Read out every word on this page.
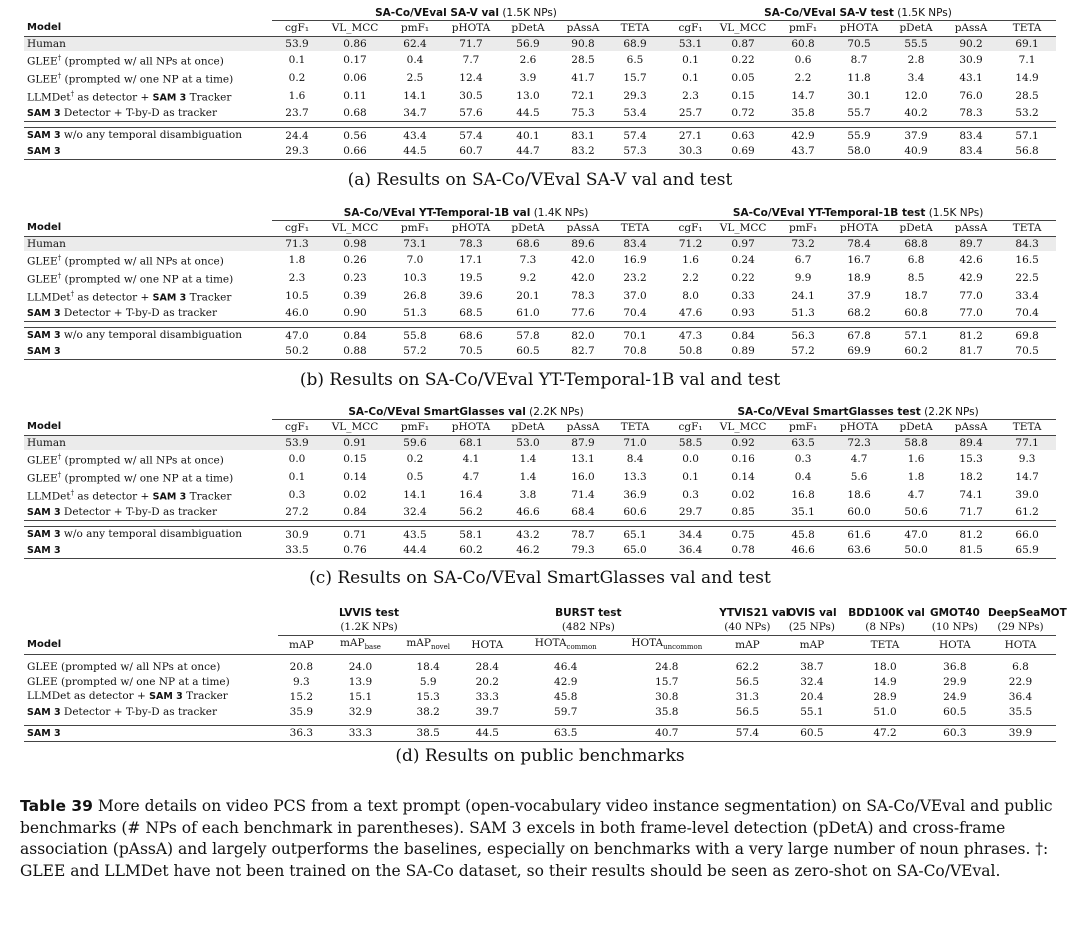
	SA-Co/VEval SA-V val (1.5K NPs)							SA-Co/VEval SA-V test (1.5K NPs)						
Model	cgF₁	VL_MCC	pmF₁	pHOTA	pDetA	pAssA	TETA	cgF₁	VL_MCC	pmF₁	pHOTA	pDetA	pAssA	TETA
Human	53.9	0.86	62.4	71.7	56.9	90.8	68.9	53.1	0.87	60.8	70.5	55.5	90.2	69.1
GLEE† (prompted w/ all NPs at once)	0.1	0.17	0.4	7.7	2.6	28.5	6.5	0.1	0.22	0.6	8.7	2.8	30.9	7.1
GLEE† (prompted w/ one NP at a time)	0.2	0.06	2.5	12.4	3.9	41.7	15.7	0.1	0.05	2.2	11.8	3.4	43.1	14.9
LLMDet† as detector + SAM 3 Tracker	1.6	0.11	14.1	30.5	13.0	72.1	29.3	2.3	0.15	14.7	30.1	12.0	76.0	28.5
SAM 3 Detector + T-by-D as tracker	23.7	0.68	34.7	57.6	44.5	75.3	53.4	25.7	0.72	35.8	55.7	40.2	78.3	53.2

SAM 3 w/o any temporal disambiguation	24.4	0.56	43.4	57.4	40.1	83.1	57.4	27.1	0.63	42.9	55.9	37.9	83.4	57.1
SAM 3	29.3	0.66	44.5	60.7	44.7	83.2	57.3	30.3	0.69	43.7	58.0	40.9	83.4	56.8
(a) Results on SA-Co/VEval SA-V val and test
	SA-Co/VEval YT-Temporal-1B val (1.4K NPs)							SA-Co/VEval YT-Temporal-1B test (1.5K NPs)						
Model	cgF₁	VL_MCC	pmF₁	pHOTA	pDetA	pAssA	TETA	cgF₁	VL_MCC	pmF₁	pHOTA	pDetA	pAssA	TETA
Human	71.3	0.98	73.1	78.3	68.6	89.6	83.4	71.2	0.97	73.2	78.4	68.8	89.7	84.3
GLEE† (prompted w/ all NPs at once)	1.8	0.26	7.0	17.1	7.3	42.0	16.9	1.6	0.24	6.7	16.7	6.8	42.6	16.5
GLEE† (prompted w/ one NP at a time)	2.3	0.23	10.3	19.5	9.2	42.0	23.2	2.2	0.22	9.9	18.9	8.5	42.9	22.5
LLMDet† as detector + SAM 3 Tracker	10.5	0.39	26.8	39.6	20.1	78.3	37.0	8.0	0.33	24.1	37.9	18.7	77.0	33.4
SAM 3 Detector + T-by-D as tracker	46.0	0.90	51.3	68.5	61.0	77.6	70.4	47.6	0.93	51.3	68.2	60.8	77.0	70.4

SAM 3 w/o any temporal disambiguation	47.0	0.84	55.8	68.6	57.8	82.0	70.1	47.3	0.84	56.3	67.8	57.1	81.2	69.8
SAM 3	50.2	0.88	57.2	70.5	60.5	82.7	70.8	50.8	0.89	57.2	69.9	60.2	81.7	70.5
(b) Results on SA-Co/VEval YT-Temporal-1B val and test
	SA-Co/VEval SmartGlasses val (2.2K NPs)							SA-Co/VEval SmartGlasses test (2.2K NPs)						
Model	cgF₁	VL_MCC	pmF₁	pHOTA	pDetA	pAssA	TETA	cgF₁	VL_MCC	pmF₁	pHOTA	pDetA	pAssA	TETA
Human	53.9	0.91	59.6	68.1	53.0	87.9	71.0	58.5	0.92	63.5	72.3	58.8	89.4	77.1
GLEE† (prompted w/ all NPs at once)	0.0	0.15	0.2	4.1	1.4	13.1	8.4	0.0	0.16	0.3	4.7	1.6	15.3	9.3
GLEE† (prompted w/ one NP at a time)	0.1	0.14	0.5	4.7	1.4	16.0	13.3	0.1	0.14	0.4	5.6	1.8	18.2	14.7
LLMDet† as detector + SAM 3 Tracker	0.3	0.02	14.1	16.4	3.8	71.4	36.9	0.3	0.02	16.8	18.6	4.7	74.1	39.0
SAM 3 Detector + T-by-D as tracker	27.2	0.84	32.4	56.2	46.6	68.4	60.6	29.7	0.85	35.1	60.0	50.6	71.7	61.2

SAM 3 w/o any temporal disambiguation	30.9	0.71	43.5	58.1	43.2	78.7	65.1	34.4	0.75	45.8	61.6	47.0	81.2	66.0
SAM 3	33.5	0.76	44.4	60.2	46.2	79.3	65.0	36.4	0.78	46.6	63.6	50.0	81.5	65.9
(c) Results on SA-Co/VEval SmartGlasses val and test
	LVVIS test			BURST test			YTVIS21 val	OVIS val	BDD100K val	GMOT40	DeepSeaMOT
	(1.2K NPs)			(482 NPs)			(40 NPs)	(25 NPs)	(8 NPs)	(10 NPs)	(29 NPs)
Model	mAP	mAP$_{base}$	mAP$_{novel}$	HOTA	$HOTA_{common}$	$HOTA_{uncommon}$	mAP	mAP	TETA	HOTA	HOTA

GLEE (prompted w/ all NPs at once)	20.8	24.0	18.4	28.4	46.4	24.8	62.2	38.7	18.0	36.8	6.8
GLEE (prompted w/ one NP at a time)	9.3	13.9	5.9	20.2	42.9	15.7	56.5	32.4	14.9	29.9	22.9
LLMDet as detector + SAM 3 Tracker	15.2	15.1	15.3	33.3	45.8	30.8	31.3	20.4	28.9	24.9	36.4
SAM 3 Detector + T-by-D as tracker	35.9	32.9	38.2	39.7	59.7	35.8	56.5	55.1	51.0	60.5	35.5

SAM 3	36.3	33.3	38.5	44.5	63.5	40.7	57.4	60.5	47.2	60.3	39.9
(d) Results on public benchmarks
Table 39 More details on video PCS from a text prompt (open-vocabulary video instance segmentation) on SA-Co/VEval and public benchmarks (# NPs of each benchmark in parentheses). SAM 3 excels in both frame-level detection (pDetA) and cross-frame association (pAssA) and largely outperforms the baselines, especially on benchmarks with a very large number of noun phrases. †: GLEE and LLMDet have not been trained on the SA-Co dataset, so their results should be seen as zero-shot on SA-Co/VEval.
